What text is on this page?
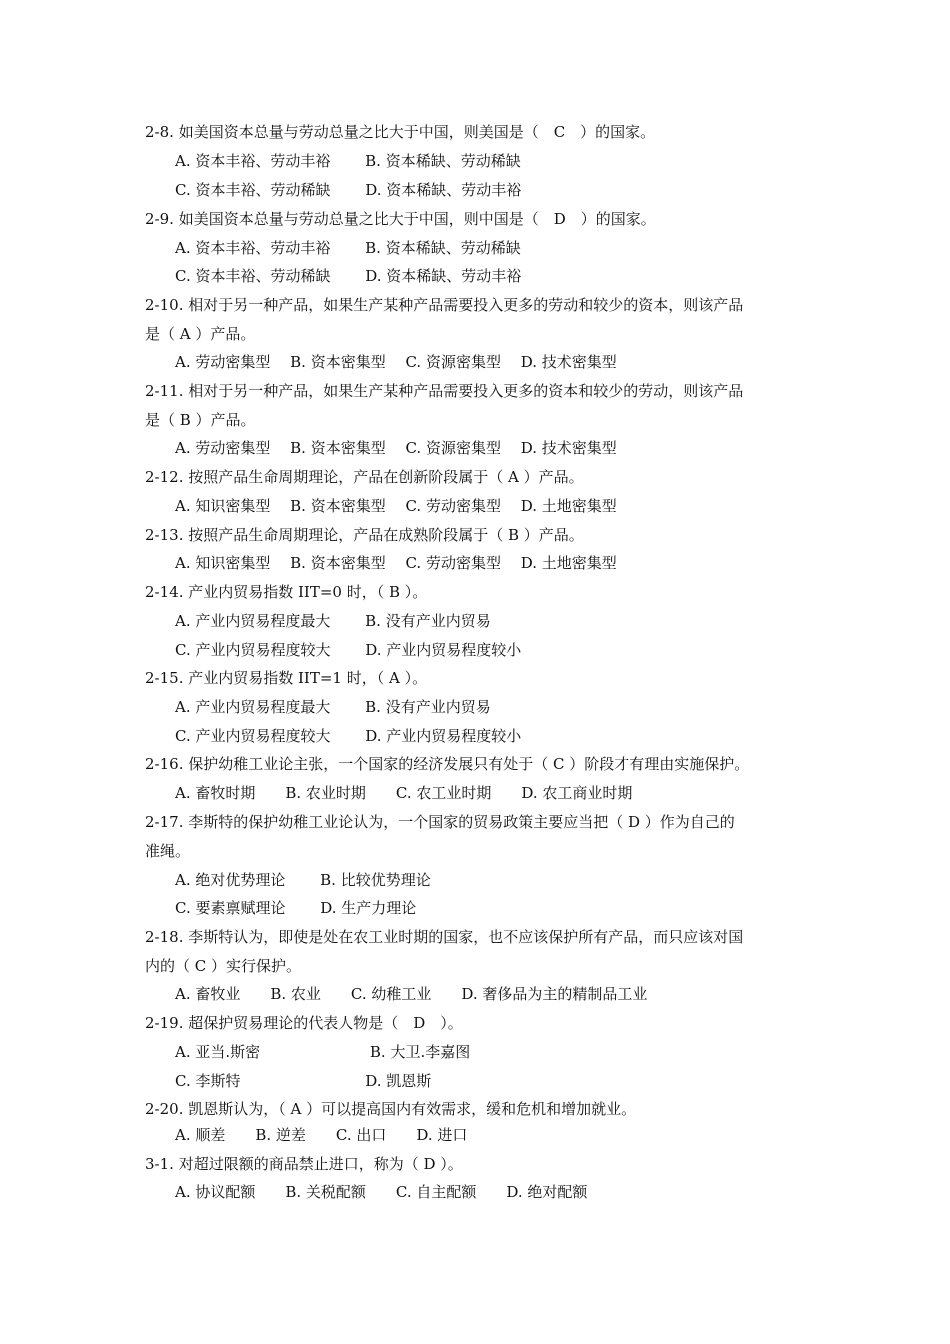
2-8. 如美国资本总量与劳动总量之比大于中国，则美国是（　C　）的国家。
A. 资本丰裕、劳动丰裕　　 B. 资本稀缺、劳动稀缺
C. 资本丰裕、劳动稀缺　　 D. 资本稀缺、劳动丰裕
2-9. 如美国资本总量与劳动总量之比大于中国，则中国是（　D　）的国家。
A. 资本丰裕、劳动丰裕　　 B. 资本稀缺、劳动稀缺
C. 资本丰裕、劳动稀缺　　 D. 资本稀缺、劳动丰裕
2-10. 相对于另一种产品，如果生产某种产品需要投入更多的劳动和较少的资本，则该产品
是（ A ）产品。
A. 劳动密集型　 B. 资本密集型　 C. 资源密集型　 D. 技术密集型
2-11. 相对于另一种产品，如果生产某种产品需要投入更多的资本和较少的劳动，则该产品
是（ B ）产品。
A. 劳动密集型　 B. 资本密集型　 C. 资源密集型　 D. 技术密集型
2-12. 按照产品生命周期理论，产品在创新阶段属于（ A ）产品。
A. 知识密集型　 B. 资本密集型　 C. 劳动密集型　 D. 土地密集型
2-13. 按照产品生命周期理论，产品在成熟阶段属于（ B ）产品。
A. 知识密集型　 B. 资本密集型　 C. 劳动密集型　 D. 土地密集型
2-14. 产业内贸易指数 IIT=0 时，（ B ）。
A. 产业内贸易程度最大　　 B. 没有产业内贸易
C. 产业内贸易程度较大　　 D. 产业内贸易程度较小
2-15. 产业内贸易指数 IIT=1 时，（ A ）。
A. 产业内贸易程度最大　　 B. 没有产业内贸易
C. 产业内贸易程度较大　　 D. 产业内贸易程度较小
2-16. 保护幼稚工业论主张，一个国家的经济发展只有处于（ C ）阶段才有理由实施保护。
A. 畜牧时期　　B. 农业时期　　C. 农工业时期　　D. 农工商业时期
2-17. 李斯特的保护幼稚工业论认为，一个国家的贸易政策主要应当把（ D ）作为自己的
准绳。
A. 绝对优势理论　　 B. 比较优势理论
C. 要素禀赋理论　　 D. 生产力理论
2-18. 李斯特认为，即使是处在农工业时期的国家，也不应该保护所有产品，而只应该对国
内的（ C ）实行保护。
A. 畜牧业　　B. 农业　　C. 幼稚工业　　D. 奢侈品为主的精制品工业
2-19. 超保护贸易理论的代表人物是（　D　）。
A. 亚当.斯密　　　　　　　 B. 大卫.李嘉图
C. 李斯特　　　　　　　　 D. 凯恩斯
2-20. 凯恩斯认为，（ A ）可以提高国内有效需求，缓和危机和增加就业。
A. 顺差　　B. 逆差　　C. 出口　　D. 进口
3-1. 对超过限额的商品禁止进口，称为（ D ）。
A. 协议配额　　B. 关税配额　　C. 自主配额　　D. 绝对配额
